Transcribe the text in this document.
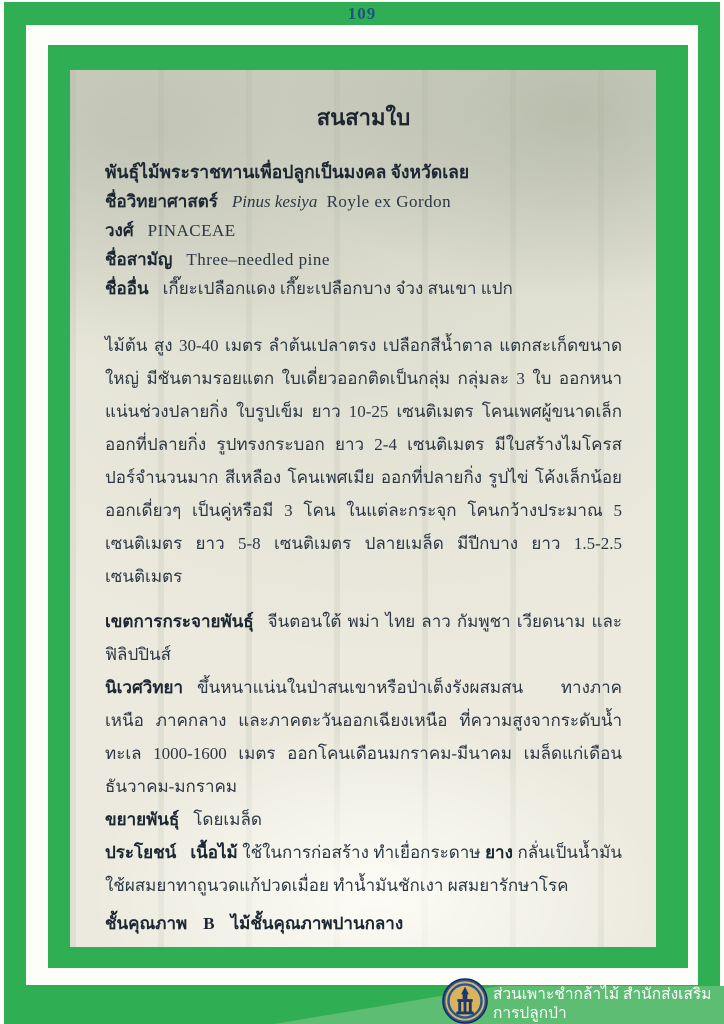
109
สนสามใบ
พันธุ์ไม้พระราชทานเพื่อปลูกเป็นมงคล จังหวัดเลย
ชื่อวิทยาศาสตร์ Pinus kesiya Royle ex Gordon
วงศ์ PINACEAE
ชื่อสามัญ Three–needled pine
ชื่ออื่น เกี๊ยะเปลือกแดง เกี๊ยะเปลือกบาง จ๋วง สนเขา แปก

ไม้ต้น สูง 30-40 เมตร ลำต้นเปลาตรง เปลือกสีน้ำตาล แตกสะเก็ดขนาดใหญ่ มีชันตามรอยแตก ใบเดี่ยวออกติดเป็นกลุ่ม กลุ่มละ 3 ใบ ออกหนาแน่นช่วงปลายกิ่ง ใบรูปเข็ม ยาว 10-25 เซนติเมตร โคนเพศผู้ขนาดเล็ก ออกที่ปลายกิ่ง รูปทรงกระบอก ยาว 2-4 เซนติเมตร มีใบสร้างไมโครสปอร์จำนวนมาก สีเหลือง โคนเพศเมีย ออกที่ปลายกิ่ง รูปไข่ โค้งเล็กน้อย ออกเดี่ยวๆ เป็นคู่หรือมี 3 โคน ในแต่ละกระจุก โคนกว้างประมาณ 5 เซนติเมตร ยาว 5-8 เซนติเมตร ปลายเมล็ด มีปีกบาง ยาว 1.5-2.5 เซนติเมตร

เขตการกระจายพันธุ์ จีนตอนใต้ พม่า ไทย ลาว กัมพูชา เวียดนาม และฟิลิปปินส์
นิเวศวิทยา ขึ้นหนาแน่นในป่าสนเขาหรือป่าเต็งรังผสมสน ทางภาคเหนือ ภาคกลาง และภาคตะวันออกเฉียงเหนือ ที่ความสูงจากระดับน้ำทะเล 1000-1600 เมตร ออกโคนเดือนมกราคม-มีนาคม เมล็ดแก่เดือนธันวาคม-มกราคม
ขยายพันธุ์ โดยเมล็ด
ประโยชน์ เนื้อไม้ ใช้ในการก่อสร้าง ทำเยื่อกระดาษ ยาง กลั่นเป็นน้ำมัน ใช้ผสมยาทาถูนวดแก้ปวดเมื่อย ทำน้ำมันชักเงา ผสมยารักษาโรค
ชั้นคุณภาพ B ไม้ชั้นคุณภาพปานกลาง
ส่วนเพาะชำกล้าไม้ สำนักส่งเสริมการปลูกป่า
